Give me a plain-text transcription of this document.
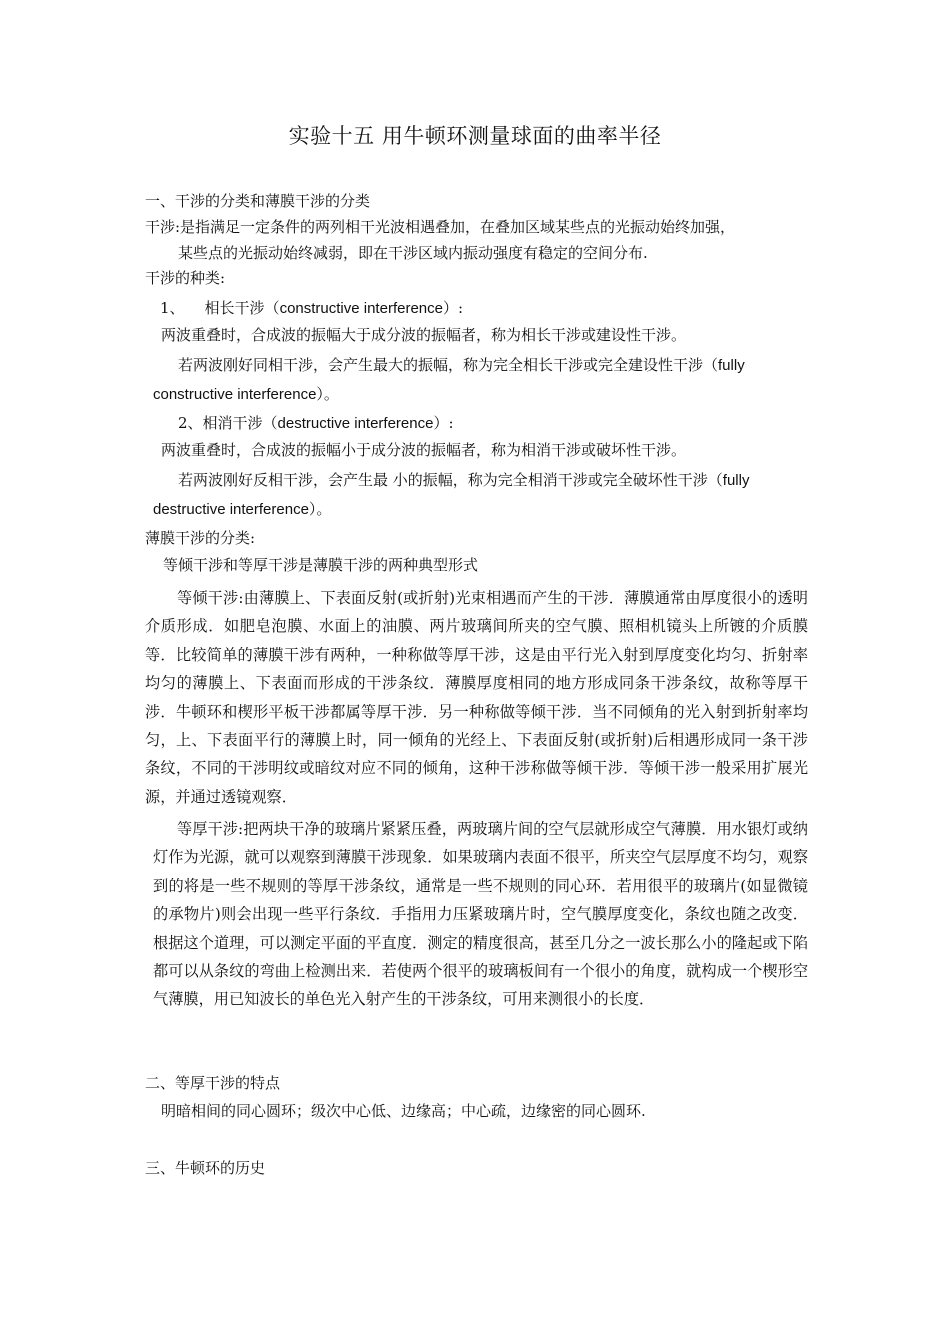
实验十五 用牛顿环测量球面的曲率半径
一、干涉的分类和薄膜干涉的分类
干涉:是指满足一定条件的两列相干光波相遇叠加，在叠加区域某些点的光振动始终加强，
某些点的光振动始终减弱，即在干涉区域内振动强度有稳定的空间分布.
干涉的种类:
1、 相长干涉（constructive interference）:
两波重叠时，合成波的振幅大于成分波的振幅者，称为相长干涉或建设性干涉。
若两波刚好同相干涉，会产生最大的振幅，称为完全相长干涉或完全建设性干涉（fully
constructive interference）。
2、相消干涉（destructive interference）:
两波重叠时，合成波的振幅小于成分波的振幅者，称为相消干涉或破坏性干涉。
若两波刚好反相干涉，会产生最 小的振幅，称为完全相消干涉或完全破坏性干涉（fully
destructive interference）。
薄膜干涉的分类:
等倾干涉和等厚干涉是薄膜干涉的两种典型形式

等倾干涉:由薄膜上、下表面反射(或折射)光束相遇而产生的干涉．薄膜通常由厚度很小的透明介质形成．如肥皂泡膜、水面上的油膜、两片玻璃间所夹的空气膜、照相机镜头上所镀的介质膜等．比较简单的薄膜干涉有两种，一种称做等厚干涉，这是由平行光入射到厚度变化均匀、折射率均匀的薄膜上、下表面而形成的干涉条纹．薄膜厚度相同的地方形成同条干涉条纹，故称等厚干涉．牛顿环和楔形平板干涉都属等厚干涉．另一种称做等倾干涉．当不同倾角的光入射到折射率均匀，上、下表面平行的薄膜上时，同一倾角的光经上、下表面反射(或折射)后相遇形成同一条干涉条纹，不同的干涉明纹或暗纹对应不同的倾角，这种干涉称做等倾干涉．等倾干涉一般采用扩展光源，并通过透镜观察．

等厚干涉:把两块干净的玻璃片紧紧压叠，两玻璃片间的空气层就形成空气薄膜．用水银灯或纳灯作为光源，就可以观察到薄膜干涉现象．如果玻璃内表面不很平，所夹空气层厚度不均匀，观察到的将是一些不规则的等厚干涉条纹，通常是一些不规则的同心环．若用很平的玻璃片(如显微镜的承物片)则会出现一些平行条纹．手指用力压紧玻璃片时，空气膜厚度变化，条纹也随之改变．根据这个道理，可以测定平面的平直度．测定的精度很高，甚至几分之一波长那么小的隆起或下陷都可以从条纹的弯曲上检测出来．若使两个很平的玻璃板间有一个很小的角度，就构成一个楔形空气薄膜，用已知波长的单色光入射产生的干涉条纹，可用来测很小的长度．

二、等厚干涉的特点
明暗相间的同心圆环；级次中心低、边缘高；中心疏，边缘密的同心圆环.
三、牛顿环的历史
